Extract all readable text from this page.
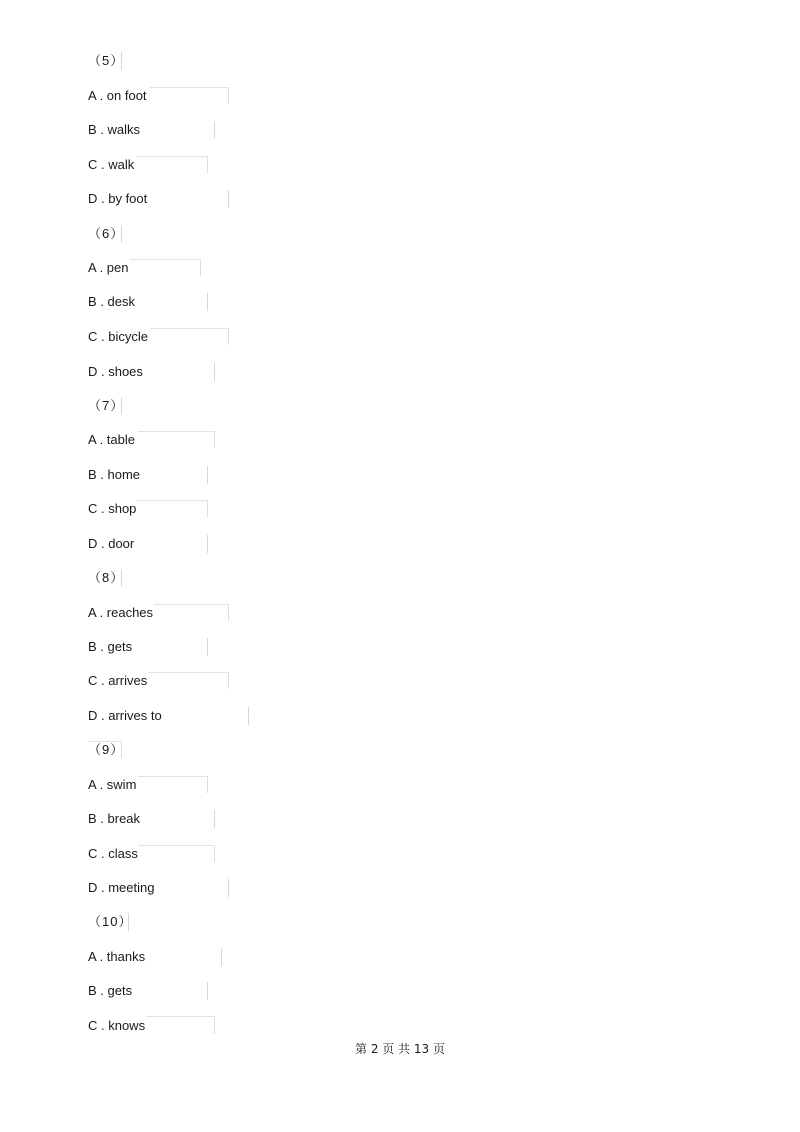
（5）
A . on foot
B . walks
C . walk
D . by foot
（6）
A . pen
B . desk
C . bicycle
D . shoes
（7）
A . table
B . home
C . shop
D . door
（8）
A . reaches
B . gets
C . arrives
D . arrives to
（9）
A . swim
B . break
C . class
D . meeting
（10）
A . thanks
B . gets
C . knows
第 2 页 共 13 页
